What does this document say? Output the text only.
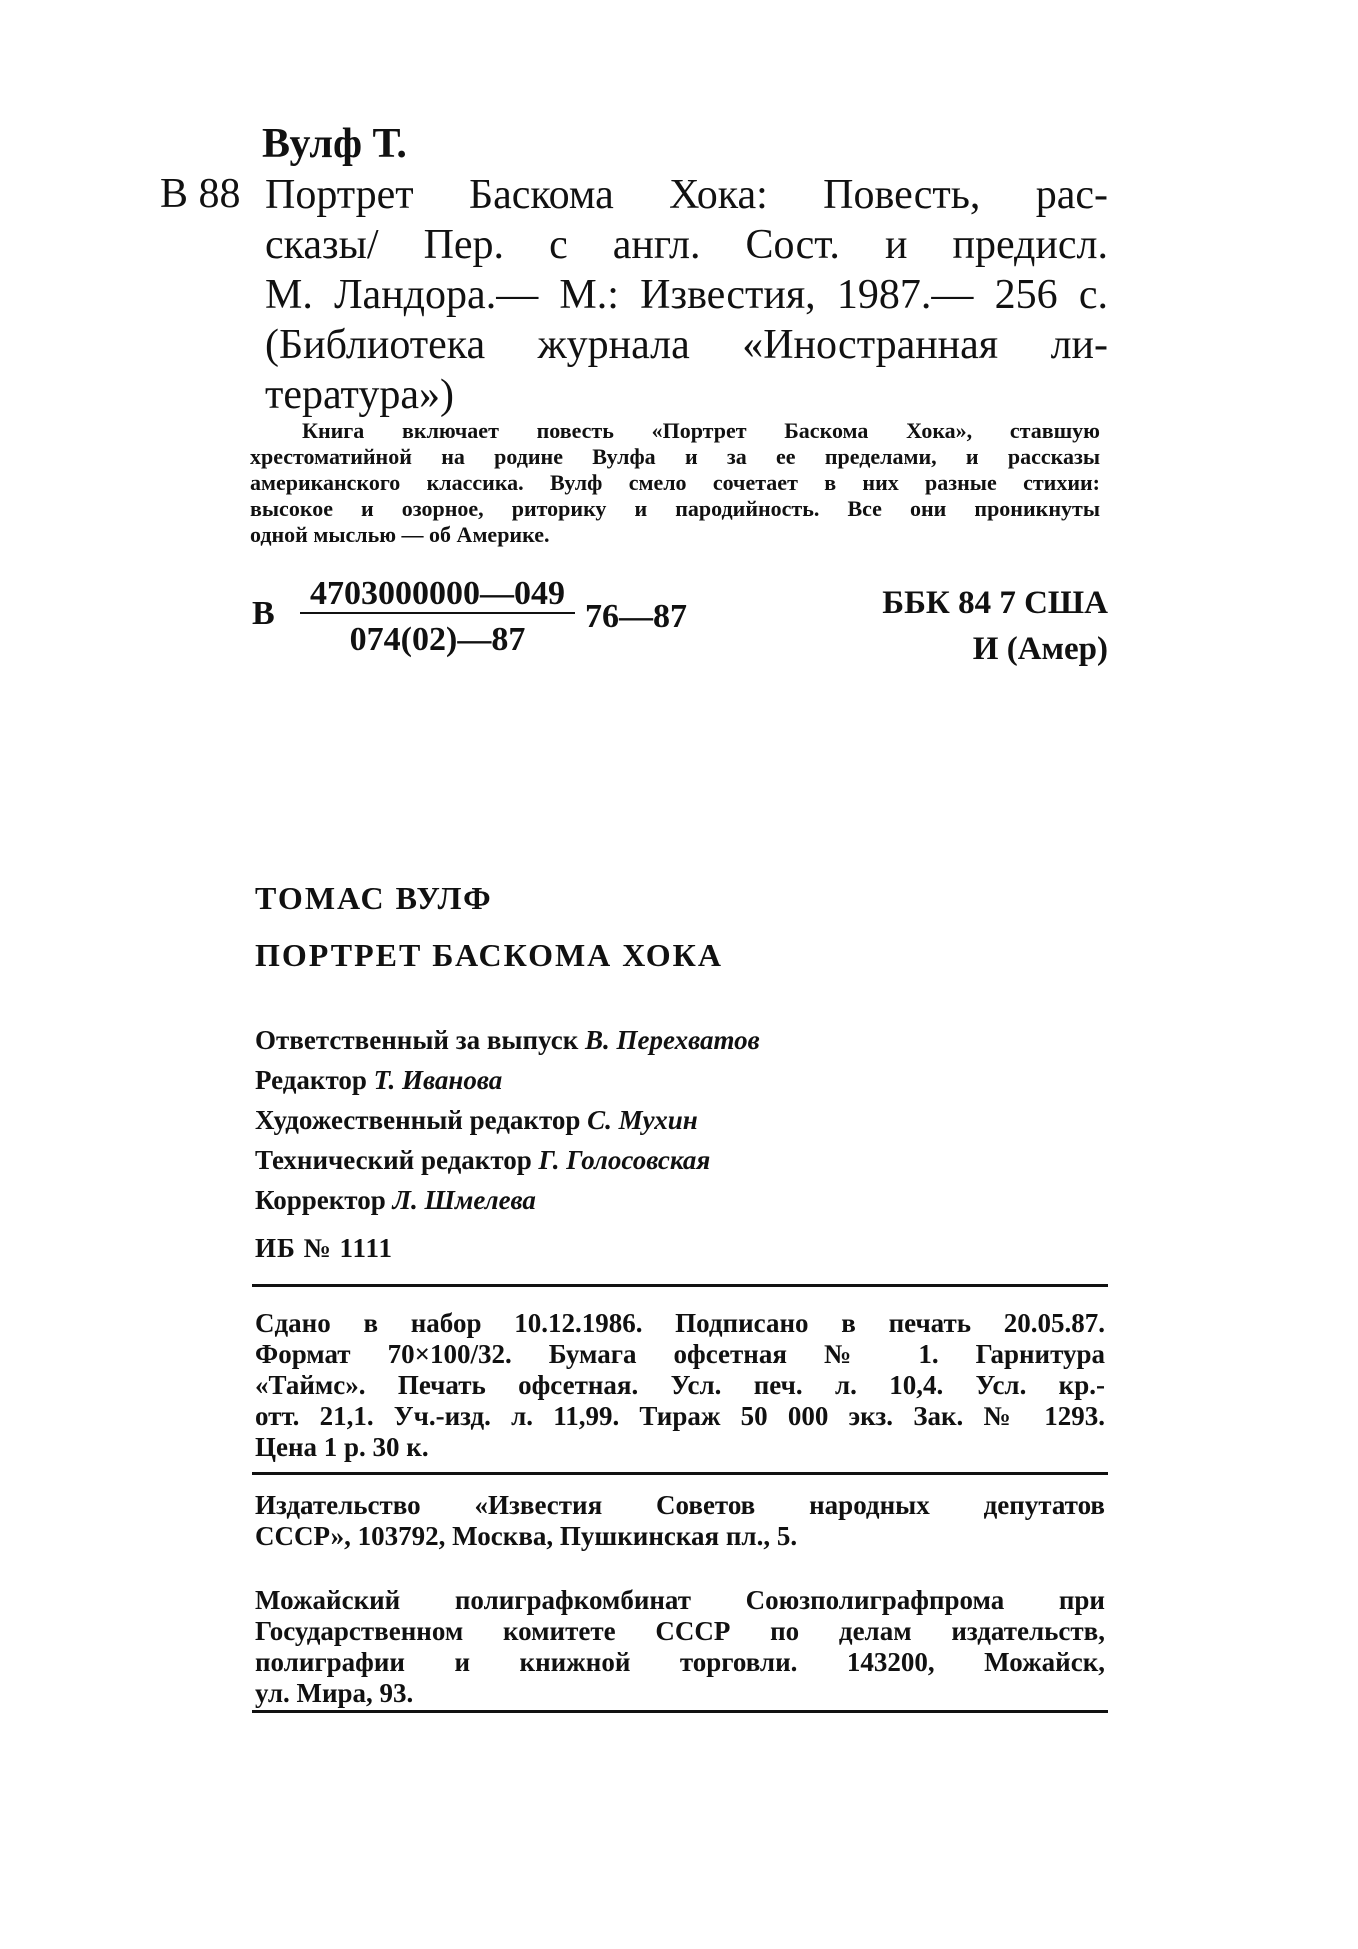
Вулф Т.
В 88 Портрет Баскома Хока: Повесть, рас-
сказы/ Пер. с англ. Сост. и предисл.
М. Ландора.— М.: Известия, 1987.— 256 с.
(Библиотека журнала «Иностранная ли-
тература»)
Книга включает повесть «Портрет Баскома Хока», ставшую
хрестоматийной на родине Вулфа и за ее пределами, и рассказы
американского классика. Вулф смело сочетает в них разные стихии:
высокое и озорное, риторику и пародийность. Все они проникнуты
одной мыслью — об Америке.
В
4703000000—049
074(02)—87
76—87	ББК 84 7 США
И (Амер)
ТОМАС ВУЛФ
ПОРТРЕТ БАСКОМА ХОКА
Ответственный за выпуск В. Перехватов
Редактор Т. Иванова
Художественный редактор С. Мухин
Технический редактор Г. Голосовская
Корректор Л. Шмелева
ИБ № 1111
Сдано в набор 10.12.1986. Подписано в печать 20.05.87.
Формат 70×100/32. Бумага офсетная № 1. Гарнитура
«Таймс». Печать офсетная. Усл. печ. л. 10,4. Усл. кр.-
отт. 21,1. Уч.-изд. л. 11,99. Тираж 50 000 экз. Зак. № 1293.
Цена 1 р. 30 к.
Издательство «Известия Советов народных депутатов
СССР», 103792, Москва, Пушкинская пл., 5.
Можайский полиграфкомбинат Союзполиграфпрома при
Государственном комитете СССР по делам издательств,
полиграфии и книжной торговли. 143200, Можайск,
ул. Мира, 93.
